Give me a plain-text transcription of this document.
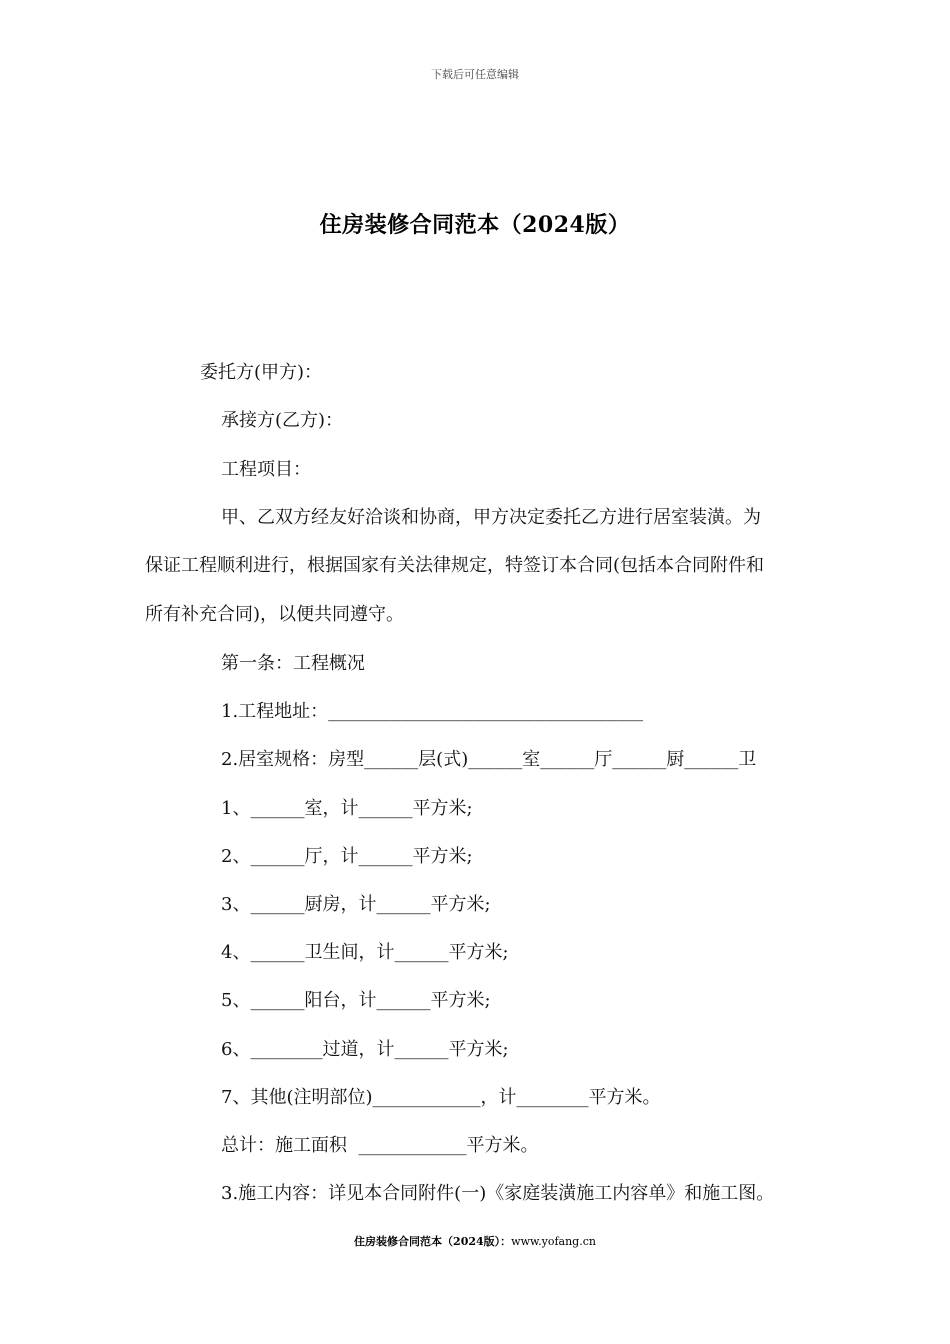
下载后可任意编辑
住房装修合同范本（2024版）
委托方(甲方)：
承接方(乙方)：
工程项目：
甲、乙双方经友好洽谈和协商，甲方决定委托乙方进行居室装潢。为
保证工程顺利进行，根据国家有关法律规定，特签订本合同(包括本合同附件和
所有补充合同)，以便共同遵守。
第一条：工程概况
1.工程地址：___________________________________
2.居室规格：房型______层(式)______室______厅______厨______卫
1、______室，计______平方米;
2、______厅，计______平方米;
3、______厨房，计______平方米;
4、______卫生间，计______平方米;
5、______阳台，计______平方米;
6、________过道，计______平方米;
7、其他(注明部位)____________，计________平方米。
总计：施工面积  ____________平方米。
3.施工内容：详见本合同附件(一)《家庭装潢施工内容单》和施工图。
住房装修合同范本（2024版）：www.yofang.cn
